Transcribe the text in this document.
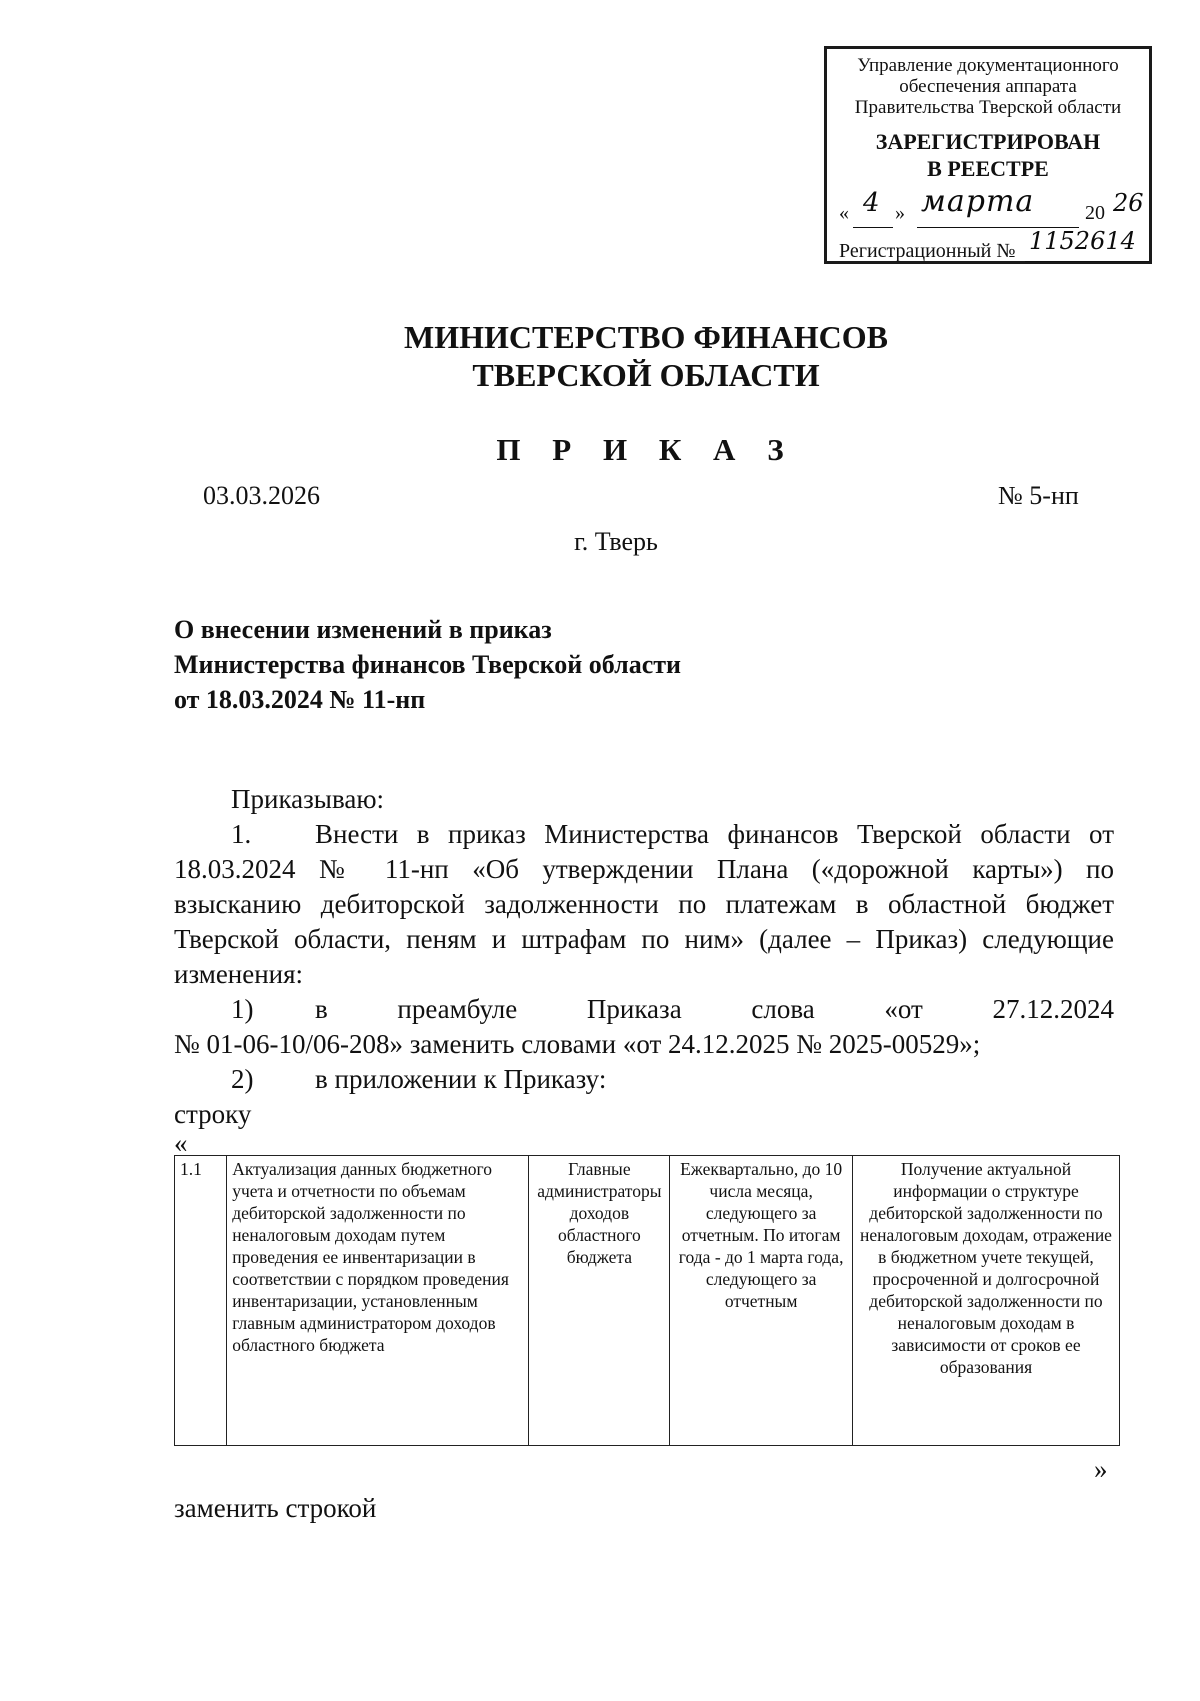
Управление документационного
обеспечения аппарата
Правительства Тверской области
ЗАРЕГИСТРИРОВАН
В РЕЕСТРЕ
« 4 » марта	20 26
Регистрационный № 1152614
МИНИСТЕРСТВО ФИНАНСОВ
ТВЕРСКОЙ ОБЛАСТИ
П Р И К А З
03.03.2026	№ 5-нп
г. Тверь
О внесении изменений в приказ
Министерства финансов Тверской области
от 18.03.2024 № 11-нп

Приказываю:

1. Внести в приказ Министерства финансов Тверской области от

18.03.2024 № 11-нп «Об утверждении Плана («дорожной карты») по

взысканию дебиторской задолженности по платежам в областной бюджет

Тверской области, пеням и штрафам по ним» (далее – Приказ) следующие

изменения:

1) в преамбуле Приказа слова «от 27.12.2024

№ 01-06-10/06-208» заменить словами «от 24.12.2025 № 2025-00529»;

2) в приложении к Приказу:

строку

«
1.1	Актуализация данных бюджетного учета и отчетности по объемам дебиторской задолженности по неналоговым доходам путем проведения ее инвентаризации в соответствии с порядком проведения инвентаризации, установленным главным администратором доходов областного бюджета	Главные администраторы доходов областного бюджета	Ежеквартально, до 10 числа месяца, следующего за отчетным. По итогам года - до 1 марта года, следующего за отчетным	Получение актуальной информации о структуре дебиторской задолженности по неналоговым доходам, отражение в бюджетном учете текущей, просроченной и долгосрочной дебиторской задолженности по неналоговым доходам в зависимости от сроков ее образования
»
заменить строкой
